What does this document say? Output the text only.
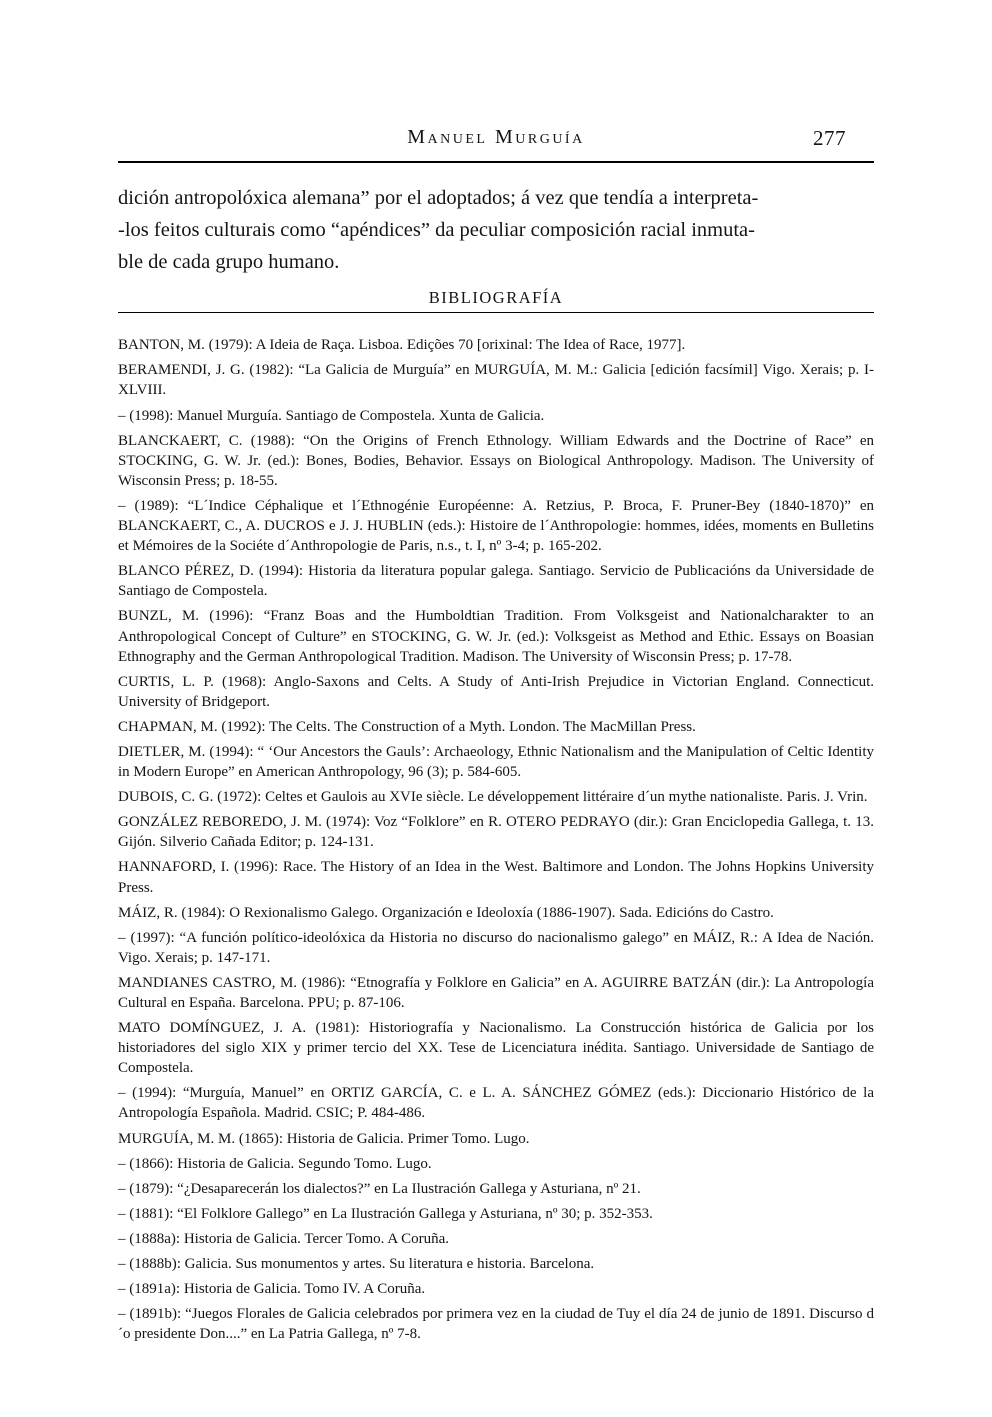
Manuel Murguía	277
dición antropolóxica alemana” por el adoptados; á vez que tendía a interpreta-
-los feitos culturais como “apéndices” da peculiar composición racial inmuta-
ble de cada grupo humano.
BIBLIOGRAFÍA

BANTON, M. (1979): A Ideia de Raça. Lisboa. Edições 70 [orixinal: The Idea of Race, 1977].

BERAMENDI, J. G. (1982): “La Galicia de Murguía” en MURGUÍA, M. M.: Galicia [edición facsímil] Vigo. Xerais; p. I-XLVIII.

– (1998): Manuel Murguía. Santiago de Compostela. Xunta de Galicia.

BLANCKAERT, C. (1988): “On the Origins of French Ethnology. William Edwards and the Doctrine of Race” en STOCKING, G. W. Jr. (ed.): Bones, Bodies, Behavior. Essays on Biological Anthropology. Madison. The University of Wisconsin Press; p. 18-55.

– (1989): “L´Indice Céphalique et l´Ethnogénie Européenne: A. Retzius, P. Broca, F. Pruner-Bey (1840-1870)” en BLANCKAERT, C., A. DUCROS e J. J. HUBLIN (eds.): Histoire de l´Anthropologie: hommes, idées, moments en Bulletins et Mémoires de la Sociéte d´Anthropologie de Paris, n.s., t. I, nº 3-4; p. 165-202.

BLANCO PÉREZ, D. (1994): Historia da literatura popular galega. Santiago. Servicio de Publicacións da Universidade de Santiago de Compostela.

BUNZL, M. (1996): “Franz Boas and the Humboldtian Tradition. From Volksgeist and Nationalcharakter to an Anthropological Concept of Culture” en STOCKING, G. W. Jr. (ed.): Volksgeist as Method and Ethic. Essays on Boasian Ethnography and the German Anthropological Tradition. Madison. The University of Wisconsin Press; p. 17-78.

CURTIS, L. P. (1968): Anglo-Saxons and Celts. A Study of Anti-Irish Prejudice in Victorian England. Connecticut. University of Bridgeport.

CHAPMAN, M. (1992): The Celts. The Construction of a Myth. London. The MacMillan Press.

DIETLER, M. (1994): “ ‘Our Ancestors the Gauls’: Archaeology, Ethnic Nationalism and the Manipulation of Celtic Identity in Modern Europe” en American Anthropology, 96 (3); p. 584-605.

DUBOIS, C. G. (1972): Celtes et Gaulois au XVIe siècle. Le développement littéraire d´un mythe nationaliste. Paris. J. Vrin.

GONZÁLEZ REBOREDO, J. M. (1974): Voz “Folklore” en R. OTERO PEDRAYO (dir.): Gran Enciclopedia Gallega, t. 13. Gijón. Silverio Cañada Editor; p. 124-131.

HANNAFORD, I. (1996): Race. The History of an Idea in the West. Baltimore and London. The Johns Hopkins University Press.

MÁIZ, R. (1984): O Rexionalismo Galego. Organización e Ideoloxía (1886-1907). Sada. Edicións do Castro.

– (1997): “A función político-ideolóxica da Historia no discurso do nacionalismo galego” en MÁIZ, R.: A Idea de Nación. Vigo. Xerais; p. 147-171.

MANDIANES CASTRO, M. (1986): “Etnografía y Folklore en Galicia” en A. AGUIRRE BATZÁN (dir.): La Antropología Cultural en España. Barcelona. PPU; p. 87-106.

MATO DOMÍNGUEZ, J. A. (1981): Historiografía y Nacionalismo. La Construcción histórica de Galicia por los historiadores del siglo XIX y primer tercio del XX. Tese de Licenciatura inédita. Santiago. Universidade de Santiago de Compostela.

– (1994): “Murguía, Manuel” en ORTIZ GARCÍA, C. e L. A. SÁNCHEZ GÓMEZ (eds.): Diccionario Histórico de la Antropología Española. Madrid. CSIC; P. 484-486.

MURGUÍA, M. M. (1865): Historia de Galicia. Primer Tomo. Lugo.

– (1866): Historia de Galicia. Segundo Tomo. Lugo.

– (1879): “¿Desaparecerán los dialectos?” en La Ilustración Gallega y Asturiana, nº 21.

– (1881): “El Folklore Gallego” en La Ilustración Gallega y Asturiana, nº 30; p. 352-353.

– (1888a): Historia de Galicia. Tercer Tomo. A Coruña.

– (1888b): Galicia. Sus monumentos y artes. Su literatura e historia. Barcelona.

– (1891a): Historia de Galicia. Tomo IV. A Coruña.

– (1891b): “Juegos Florales de Galicia celebrados por primera vez en la ciudad de Tuy el día 24 de junio de 1891. Discurso d´o presidente Don....” en La Patria Gallega, nº 7-8.
